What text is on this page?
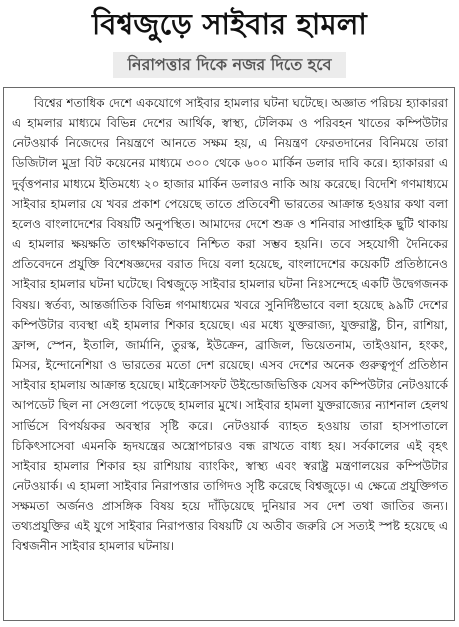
বিশ্বজুড়ে সাইবার হামলা
নিরাপত্তার দিকে নজর দিতে হবে

বিশ্বের শতাধিক দেশে একযোগে সাইবার হামলার ঘটনা ঘটেছে। অজ্ঞাত পরিচয় হ্যাকাররা এ হামলার মাধ্যমে বিভিন্ন দেশের আর্থিক, স্বাস্থ্য, টেলিকম ও পরিবহন খাতের কম্পিউটার নেটওয়ার্ক নিজেদের নিয়ন্ত্রণে আনতে সক্ষম হয়, এ নিয়ন্ত্রণ ফেরতদানের বিনিময়ে তারা ডিজিটাল মুদ্রা বিট কয়েনের মাধ্যমে ৩০০ থেকে ৬০০ মার্কিন ডলার দাবি করে। হ্যাকাররা এ দুর্বৃত্তপনার মাধ্যমে ইতিমধ্যে ২০ হাজার মার্কিন ডলারও নাকি আয় করেছে। বিদেশি গণমাধ্যমে সাইবার হামলার যে খবর প্রকাশ পেয়েছে তাতে প্রতিবেশী ভারতের আক্রান্ত হওয়ার কথা বলা হলেও বাংলাদেশের বিষয়টি অনুপস্থিত। আমাদের দেশে শুক্র ও শনিবার সাপ্তাহিক ছুটি থাকায় এ হামলার ক্ষয়ক্ষতি তাৎক্ষণিকভাবে নিশ্চিত করা সম্ভব হয়নি। তবে সহযোগী দৈনিকের প্রতিবেদনে প্রযুক্তি বিশেষজ্ঞদের বরাত দিয়ে বলা হয়েছে, বাংলাদেশের কয়েকটি প্রতিষ্ঠানেও সাইবার হামলার ঘটনা ঘটেছে। বিশ্বজুড়ে সাইবার হামলার ঘটনা নিঃসন্দেহে একটি উদ্বেগজনক বিষয়। স্বর্তব্য, আন্তর্জাতিক বিভিন্ন গণমাধ্যমের খবরে সুনির্দিষ্টভাবে বলা হয়েছে ৯৯টি দেশের কম্পিউটার ব্যবস্থা এই হামলার শিকার হয়েছে। এর মধ্যে যুক্তরাজ্য, যুক্তরাষ্ট্র, চীন, রাশিয়া, ফ্রান্স, স্পেন, ইতালি, জার্মানি, তুরস্ক, ইউক্রেন, ব্রাজিল, ভিয়েতনাম, তাইওয়ান, হংকং, মিসর, ইন্দোনেশিয়া ও ভারতের মতো দেশ রয়েছে। এসব দেশের অনেক গুরুত্বপূর্ণ প্রতিষ্ঠান সাইবার হামলায় আক্রান্ত হয়েছে। মাইক্রোসফট উইন্ডোজভিত্তিক যেসব কম্পিউটার নেটওয়ার্কে আপডেট ছিল না সেগুলো পড়েছে হামলার মুখে। সাইবার হামলা যুক্তরাজ্যের ন্যাশনাল হেলথ সার্ভিসে বিপর্যয়কর অবস্থার সৃষ্টি করে। নেটওয়ার্ক ব্যাহত হওয়ায় তারা হাসপাতালে চিকিৎসাসেবা এমনকি হৃদযন্ত্রের অস্ত্রোপচারও বন্ধ রাখতে বাধ্য হয়। সর্বকালের এই বৃহৎ সাইবার হামলার শিকার হয় রাশিয়ায় ব্যাংকিং, স্বাস্থ্য এবং স্বরাষ্ট্র মন্ত্রণালয়ের কম্পিউটার নেটওয়ার্ক। এ হামলা সাইবার নিরাপত্তার তাগিদও সৃষ্টি করেছে বিশ্বজুড়ে। এ ক্ষেত্রে প্রযুক্তিগত সক্ষমতা অর্জনও প্রাসঙ্গিক বিষয় হয়ে দাঁড়িয়েছে দুনিয়ার সব দেশ তথা জাতির জন্য। তথ্যপ্রযুক্তির এই যুগে সাইবার নিরাপত্তার বিষয়টি যে অতীব জরুরি সে সত্যই স্পষ্ট হয়েছে এ বিশ্বজনীন সাইবার হামলার ঘটনায়।
